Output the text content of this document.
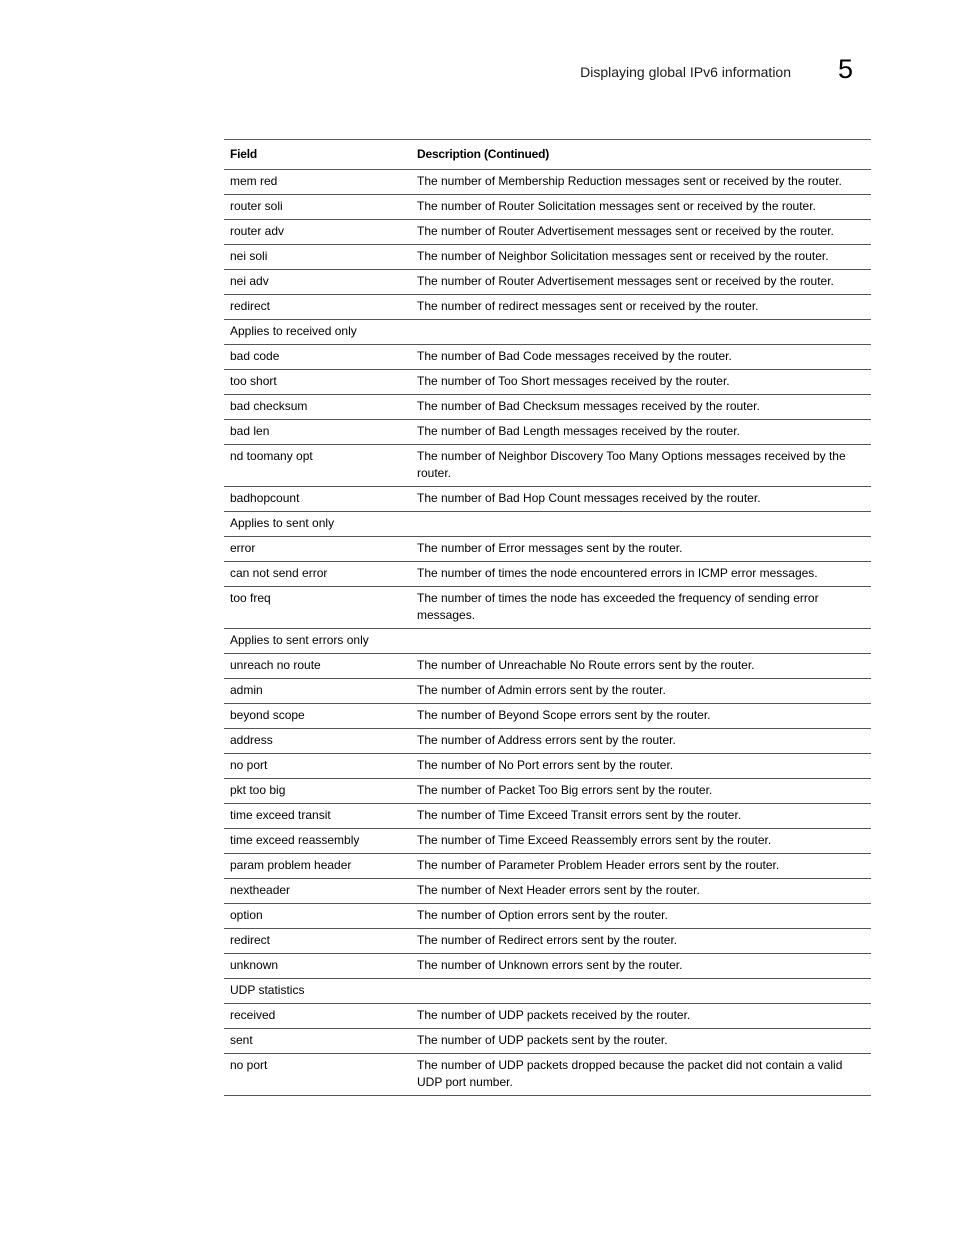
Displaying global IPv6 information 5
Field	Description (Continued)
mem red	The number of Membership Reduction messages sent or received by the router.
router soli	The number of Router Solicitation messages sent or received by the router.
router adv	The number of Router Advertisement messages sent or received by the router.
nei soli	The number of Neighbor Solicitation messages sent or received by the router.
nei adv	The number of Router Advertisement messages sent or received by the router.
redirect	The number of redirect messages sent or received by the router.
Applies to received only
bad code	The number of Bad Code messages received by the router.
too short	The number of Too Short messages received by the router.
bad checksum	The number of Bad Checksum messages received by the router.
bad len	The number of Bad Length messages received by the router.
nd toomany opt	The number of Neighbor Discovery Too Many Options messages received by the router.
badhopcount	The number of Bad Hop Count messages received by the router.
Applies to sent only
error	The number of Error messages sent by the router.
can not send error	The number of times the node encountered errors in ICMP error messages.
too freq	The number of times the node has exceeded the frequency of sending error messages.
Applies to sent errors only
unreach no route	The number of Unreachable No Route errors sent by the router.
admin	The number of Admin errors sent by the router.
beyond scope	The number of Beyond Scope errors sent by the router.
address	The number of Address errors sent by the router.
no port	The number of No Port errors sent by the router.
pkt too big	The number of Packet Too Big errors sent by the router.
time exceed transit	The number of Time Exceed Transit errors sent by the router.
time exceed reassembly	The number of Time Exceed Reassembly errors sent by the router.
param problem header	The number of Parameter Problem Header errors sent by the router.
nextheader	The number of Next Header errors sent by the router.
option	The number of Option errors sent by the router.
redirect	The number of Redirect errors sent by the router.
unknown	The number of Unknown errors sent by the router.
UDP statistics
received	The number of UDP packets received by the router.
sent	The number of UDP packets sent by the router.
no port	The number of UDP packets dropped because the packet did not contain a valid UDP port number.
